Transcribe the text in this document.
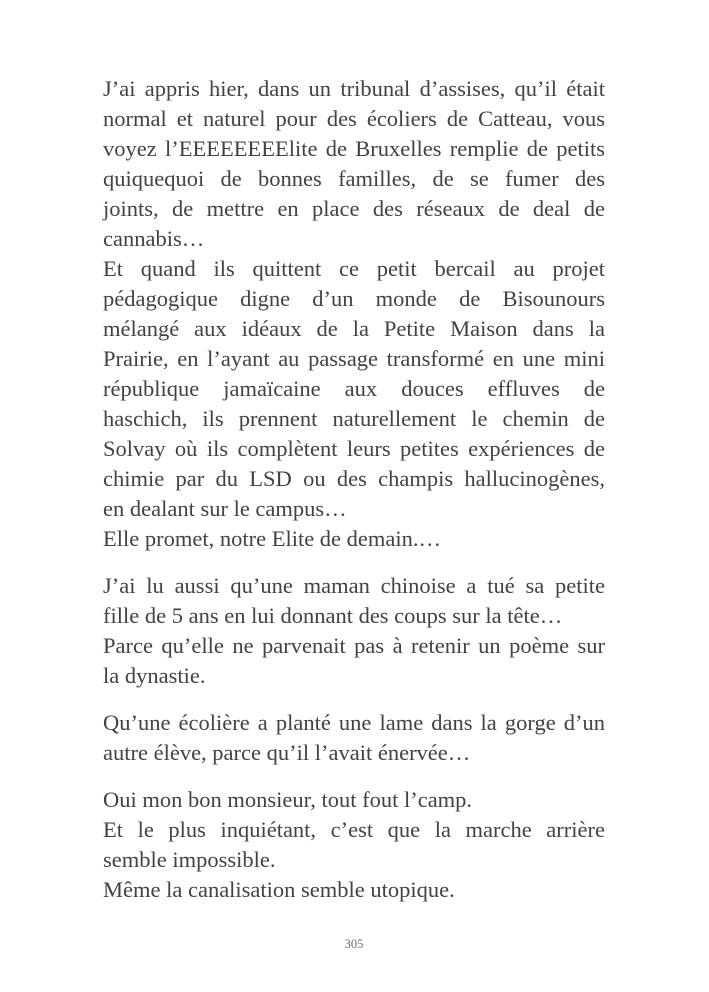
J’ai appris hier, dans un tribunal d’assises, qu’il était
normal et naturel pour des écoliers de Catteau, vous
voyez l’EEEEEEEElite de Bruxelles remplie de petits
quiquequoi de bonnes familles, de se fumer des
joints, de mettre en place des réseaux de deal de
cannabis…
Et quand ils quittent ce petit bercail au projet
pédagogique digne d’un monde de Bisounours
mélangé aux idéaux de la Petite Maison dans la
Prairie, en l’ayant au passage transformé en une mini
république jamaïcaine aux douces effluves de
haschich, ils prennent naturellement le chemin de
Solvay où ils complètent leurs petites expériences de
chimie par du LSD ou des champis hallucinogènes,
en dealant sur le campus…
Elle promet, notre Elite de demain.…
J’ai lu aussi qu’une maman chinoise a tué sa petite
fille de 5 ans en lui donnant des coups sur la tête…
Parce qu’elle ne parvenait pas à retenir un poème sur
la dynastie.
Qu’une écolière a planté une lame dans la gorge d’un
autre élève, parce qu’il l’avait énervée…
Oui mon bon monsieur, tout fout l’camp.
Et le plus inquiétant, c’est que la marche arrière
semble impossible.
Même la canalisation semble utopique.
305
